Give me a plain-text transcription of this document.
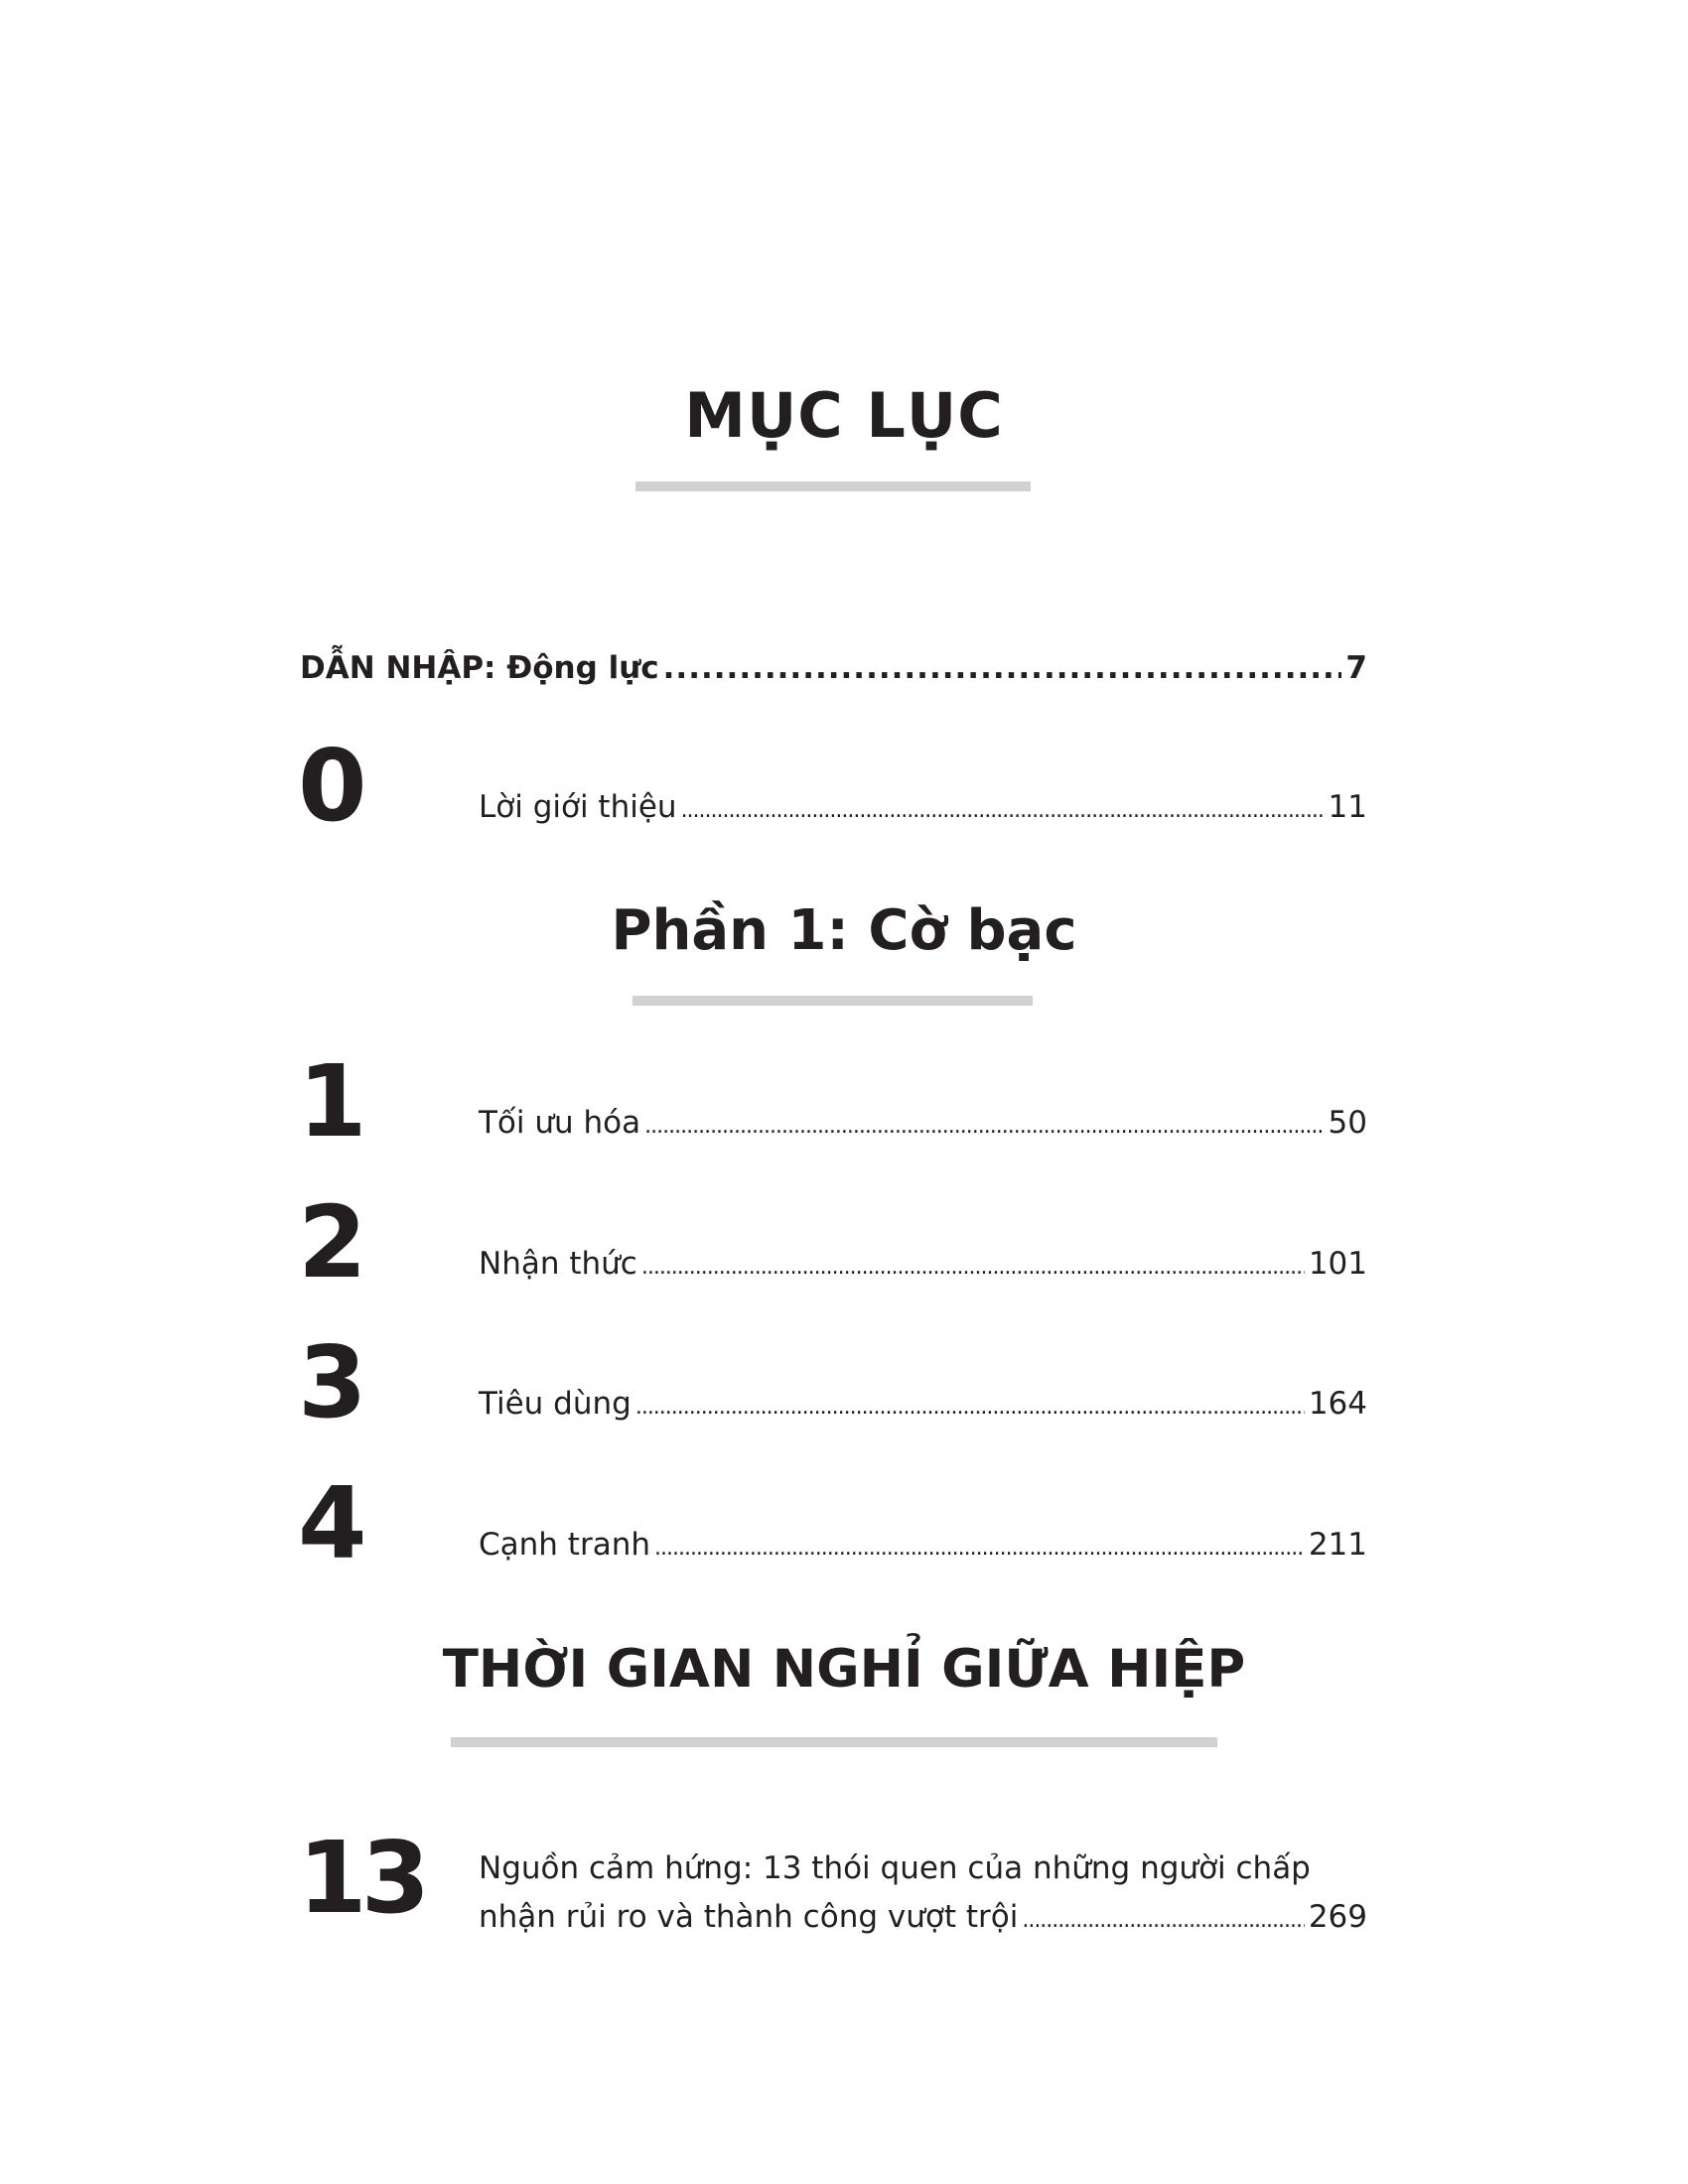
MỤC LỤC
DẪN NHẬP: Động lực .....	7
0	Lời giới thiệu .....	11
Phần 1: Cờ bạc
1	Tối ưu hóa .....	50
2	Nhận thức .....	101
3	Tiêu dùng .....	164
4	Cạnh tranh .....	211
THỜI GIAN NGHỈ GIỮA HIỆP
13 Nguồn cảm hứng: 13 thói quen của những người chấp
nhận rủi ro và thành công vượt trội .....	269
